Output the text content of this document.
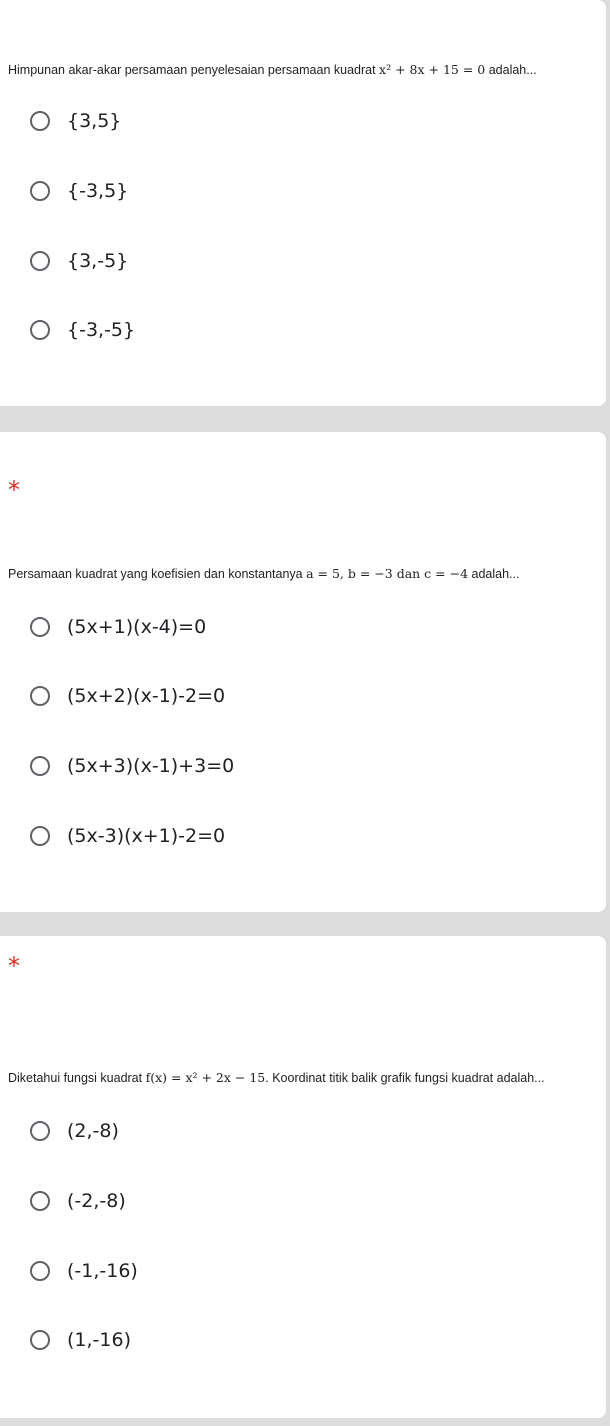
Himpunan akar-akar persamaan penyelesaian persamaan kuadrat x² + 8x + 15 = 0 adalah...
{3,5}
{-3,5}
{3,-5}
{-3,-5}
*
Persamaan kuadrat yang koefisien dan konstantanya a = 5, b = −3 dan c = −4 adalah...
(5x+1)(x-4)=0
(5x+2)(x-1)-2=0
(5x+3)(x-1)+3=0
(5x-3)(x+1)-2=0
*
Diketahui fungsi kuadrat f(x) = x² + 2x − 15. Koordinat titik balik grafik fungsi kuadrat adalah...
(2,-8)
(-2,-8)
(-1,-16)
(1,-16)
